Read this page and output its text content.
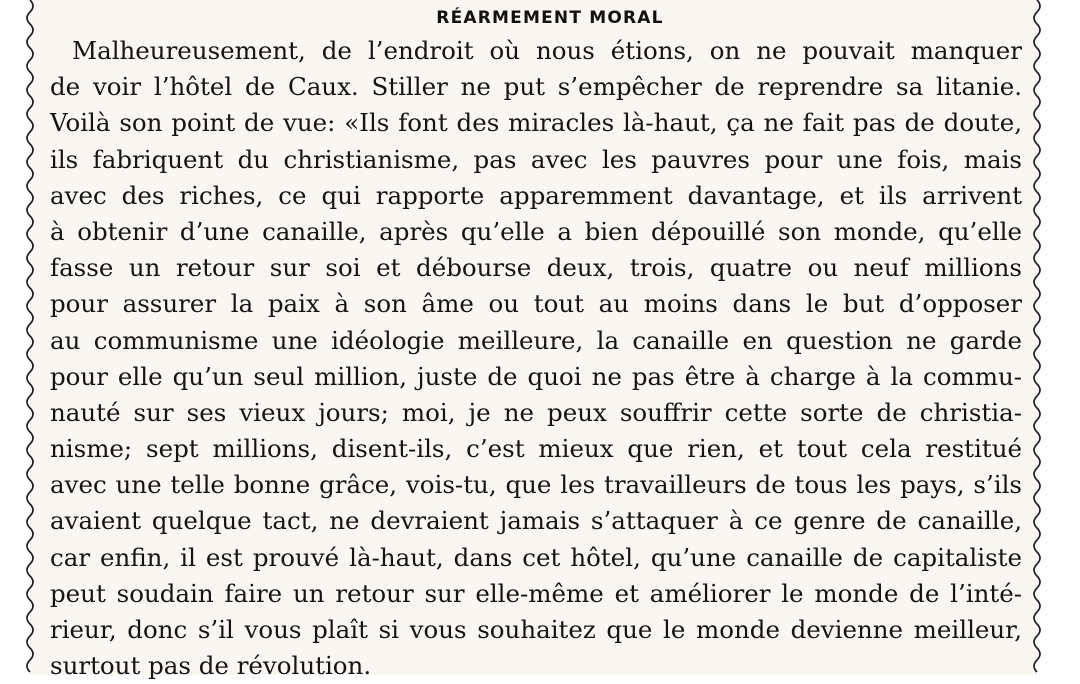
RÉARMEMENT MORAL
Malheureusement, de l’endroit où nous étions, on ne pouvait manquer
de voir l’hôtel de Caux. Stiller ne put s’empêcher de reprendre sa litanie.
Voilà son point de vue: «Ils font des miracles là-haut, ça ne fait pas de doute,
ils fabriquent du christianisme, pas avec les pauvres pour une fois, mais
avec des riches, ce qui rapporte apparemment davantage, et ils arrivent
à obtenir d’une canaille, après qu’elle a bien dépouillé son monde, qu’elle
fasse un retour sur soi et débourse deux, trois, quatre ou neuf millions
pour assurer la paix à son âme ou tout au moins dans le but d’opposer
au communisme une idéologie meilleure, la canaille en question ne garde
pour elle qu’un seul million, juste de quoi ne pas être à charge à la commu-
nauté sur ses vieux jours; moi, je ne peux souffrir cette sorte de christia-
nisme; sept millions, disent-ils, c’est mieux que rien, et tout cela restitué
avec une telle bonne grâce, vois-tu, que les travailleurs de tous les pays, s’ils
avaient quelque tact, ne devraient jamais s’attaquer à ce genre de canaille,
car enfin, il est prouvé là-haut, dans cet hôtel, qu’une canaille de capitaliste
peut soudain faire un retour sur elle-même et améliorer le monde de l’inté-
rieur, donc s’il vous plaît si vous souhaitez que le monde devienne meilleur,
surtout pas de révolution.
